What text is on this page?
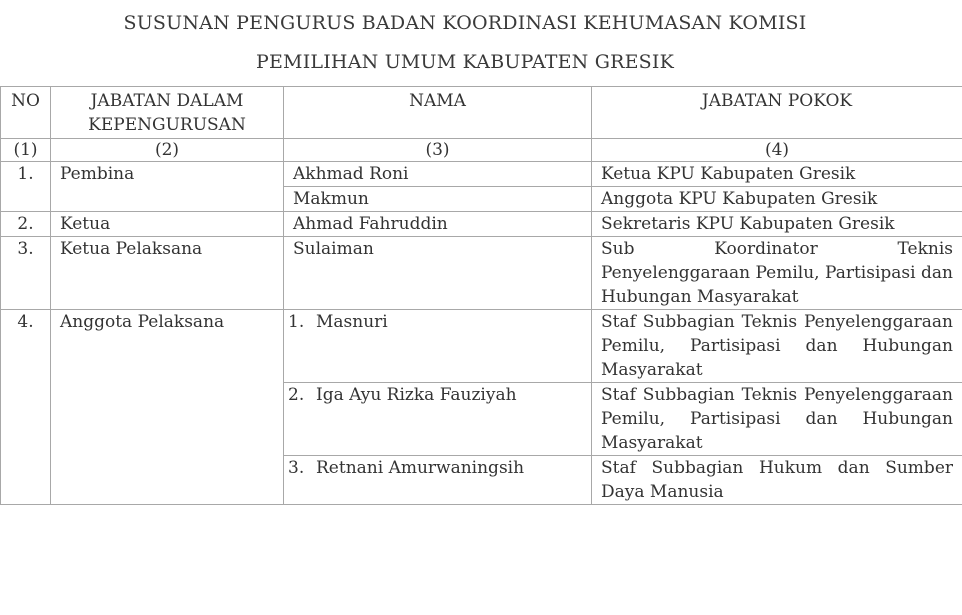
SUSUNAN PENGURUS BADAN KOORDINASI KEHUMASAN KOMISI
PEMILIHAN UMUM KABUPATEN GRESIK
NO	JABATAN DALAM KEPENGURUSAN	NAMA	JABATAN POKOK
(1)	(2)	(3)	(4)
1.	Pembina	Akhmad Roni	Ketua KPU Kabupaten Gresik
		Makmun	Anggota KPU Kabupaten Gresik
2.	Ketua	Ahmad Fahruddin	Sekretaris KPU Kabupaten Gresik
3.	Ketua Pelaksana	Sulaiman	Sub Koordinator Teknis Penyelenggaraan Pemilu, Partisipasi dan Hubungan Masyarakat
4.	Anggota Pelaksana	1. Masnuri	Staf Subbagian Teknis Penyelenggaraan Pemilu, Partisipasi dan Hubungan Masyarakat
		2. Iga Ayu Rizka Fauziyah	Staf Subbagian Teknis Penyelenggaraan Pemilu, Partisipasi dan Hubungan Masyarakat
		3. Retnani Amurwaningsih	Staf Subbagian Hukum dan Sumber Daya Manusia
